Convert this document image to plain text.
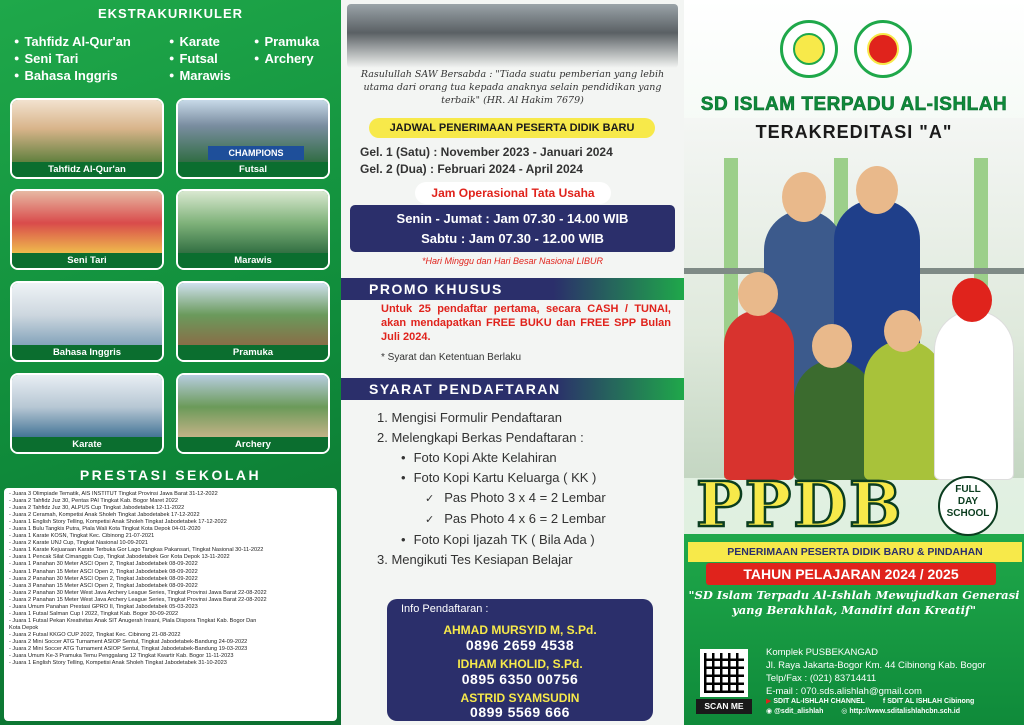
EKSTRAKURIKULER
● Tahfidz Al-Qur'an	● Karate	● Pramuka
● Seni Tari	● Futsal	● Archery
● Bahasa Inggris	● Marawis
Tahfidz Al-Qur'an
CHAMPIONS
Futsal
Seni Tari	Marawis
Bahasa Inggris	Pramuka
Karate	Archery
PRESTASI SEKOLAH
- Juara 3 Olimpiade Tematik, AIS INSTITUT Tingkat Provinsi Jawa Barat 31-12-2022
- Juara 2 Tahfidz Juz 30, Pentas PAI Tingkat Kab. Bogor Maret 2022
- Juara 2 Tahfidz Juz 30, ALPUS Cup Tingkat Jabodetabek 12-11-2022
- Juara 2 Ceramah, Kompetisi Anak Sholeh Tingkat Jabodetabek 17-12-2022
- Juara 1 English Story Telling, Kompetisi Anak Sholeh Tingkat Jabodetabek 17-12-2022
- Juara 1 Bulu Tangkis Putra, Piala Wali Kota Tingkat Kota Depok 04-01-2020
- Juara 1 Karate KOSN, Tingkat Kec. Cibinong 21-07-2021
- Juara 2 Karate UNJ Cup, Tingkat Nasional 10-09-2021
- Juara 1 Karate Kejuaraan Karate Terbuka Gor Lago Tangkas Pakansari, Tingkat Nasional 30-11-2022
- Juara 1 Pencak Silat Cimanggis Cup, Tingkat Jabodetabek Gor Kota Depok 13-11-2022
- Juara 1 Panahan 30 Meter ASCI Open 2, Tingkat Jabodetabek 08-09-2022
- Juara 1 Panahan 15 Meter ASCI Open 2, Tingkat Jabodetabek 08-09-2022
- Juara 2 Panahan 30 Meter ASCI Open 2, Tingkat Jabodetabek 08-09-2022
- Juara 3 Panahan 15 Meter ASCI Open 2, Tingkat Jabodetabek 08-09-2022
- Juara 2 Panahan 30 Meter West Java Archery League Series, Tingkat Provinsi Jawa Barat 22-08-2022
- Juara 2 Panahan 15 Meter West Java Archery League Series, Tingkat Provinsi Jawa Barat 22-08-2022
- Juara Umum Panahan Prestasi GPRO II, Tingkat Jabodetabek 05-03-2023
- Juara 1 Futsal Salman Cup I 2022, Tingkat Kab. Bogor 30-09-2022
- Juara 1 Futsal Pekan Kreativitas Anak SIT Anugerah Insani, Piala Dispora Tingkat Kab. Bogor Dan
Kota Depok
- Juara 2 Futsal KKGO CUP 2022, Tingkat Kec. Cibinong 21-08-2022
- Juara 2 Mini Soccer ATG Turnament ASIOP Sentul, Tingkat Jabodetabek-Bandung 24-09-2022
- Juara 2 Mini Soccer ATG Turnament ASIOP Sentul, Tingkat Jabodetabek-Bandung 19-03-2023
- Juara Umum Ke-3 Pramuka Temu Penggalang 12 Tingkat Kwartir Kab. Bogor 11-11-2023
- Juara 1 English Story Telling, Kompetisi Anak Sholeh Tingkat Jabodetabek 31-10-2023
Rasulullah SAW Bersabda : "Tiada suatu pemberian yang lebih utama dari orang tua kepada anaknya selain pendidikan yang terbaik" (HR. Al Hakim 7679)
JADWAL PENERIMAAN PESERTA DIDIK BARU
Gel. 1 (Satu) : November 2023 - Januari 2024
Gel. 2 (Dua) : Februari 2024 - April 2024
Jam Operasional Tata Usaha
Senin - Jumat : Jam 07.30 - 14.00 WIB
Sabtu : Jam 07.30 - 12.00 WIB
*Hari Minggu dan Hari Besar Nasional LIBUR
PROMO KHUSUS
Untuk 25 pendaftar pertama, secara CASH / TUNAI, akan mendapatkan FREE BUKU dan FREE SPP Bulan Juli 2024.
* Syarat dan Ketentuan Berlaku
SYARAT PENDAFTARAN
1. Mengisi Formulir Pendaftaran
2. Melengkapi Berkas Pendaftaran :
• Foto Kopi Akte Kelahiran
• Foto Kopi Kartu Keluarga ( KK )
✓ Pas Photo 3 x 4 = 2 Lembar
✓ Pas Photo 4 x 6 = 2 Lembar
• Foto Kopi Ijazah TK ( Bila Ada )
3. Mengikuti Tes Kesiapan Belajar
Info Pendaftaran :
AHMAD MURSYID M, S.Pd.
0896 2659 4538
IDHAM KHOLID, S.Pd.
0895 6350 00756
ASTRID SYAMSUDIN
0899 5569 666
SD ISLAM TERPADU AL-ISHLAH
TERAKREDITASI "A"
PPDB	FULL
DAY
SCHOOL
PENERIMAAN PESERTA DIDIK BARU & PINDAHAN
TAHUN PELAJARAN 2024 / 2025
"SD Islam Terpadu Al-Ishlah Mewujudkan Generasi yang Berakhlak, Mandiri dan Kreatif"
SCAN ME
Komplek PUSBEKANGAD
Jl. Raya Jakarta-Bogor Km. 44 Cibinong Kab. Bogor
Telp/Fax : (021) 83714411
E-mail : 070.sds.alishlah@gmail.com
▶ SDIT AL-ISHLAH CHANNEL	f SDIT AL ISHLAH Cibinong
◉ @sdit_alishlah	◎ http://www.sditalishlahcbn.sch.id
